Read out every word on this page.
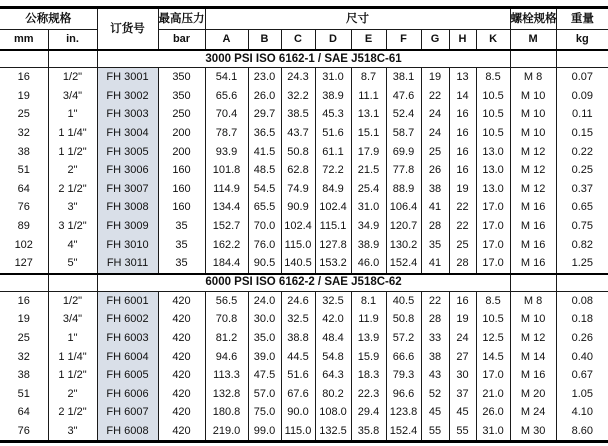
公称规格		订货号	最高压力	尺寸									螺栓规格	重量
mm	in.		bar	A	B	C	D	E	F	G	H	K	M	kg
		3000 PSI ISO 6162-1 / SAE J518C-61												
16	1/2"	FH 3001	350	54.1	23.0	24.3	31.0	8.7	38.1	19	13	8.5	M 8	0.07
19	3/4"	FH 3002	350	65.6	26.0	32.2	38.9	11.1	47.6	22	14	10.5	M 10	0.09
25	1"	FH 3003	250	70.4	29.7	38.5	45.3	13.1	52.4	24	16	10.5	M 10	0.11
32	1 1/4"	FH 3004	200	78.7	36.5	43.7	51.6	15.1	58.7	24	16	10.5	M 10	0.15
38	1 1/2"	FH 3005	200	93.9	41.5	50.8	61.1	17.9	69.9	25	16	13.0	M 12	0.22
51	2"	FH 3006	160	101.8	48.5	62.8	72.2	21.5	77.8	26	16	13.0	M 12	0.25
64	2 1/2"	FH 3007	160	114.9	54.5	74.9	84.9	25.4	88.9	38	19	13.0	M 12	0.37
76	3"	FH 3008	160	134.4	65.5	90.9	102.4	31.0	106.4	41	22	17.0	M 16	0.65
89	3 1/2"	FH 3009	35	152.7	70.0	102.4	115.1	34.9	120.7	28	22	17.0	M 16	0.75
102	4"	FH 3010	35	162.2	76.0	115.0	127.8	38.9	130.2	35	25	17.0	M 16	0.82
127	5"	FH 3011	35	184.4	90.5	140.5	153.2	46.0	152.4	41	28	17.0	M 16	1.25
		6000 PSI ISO 6162-2 / SAE J518C-62												
16	1/2"	FH 6001	420	56.5	24.0	24.6	32.5	8.1	40.5	22	16	8.5	M 8	0.08
19	3/4"	FH 6002	420	70.8	30.0	32.5	42.0	11.9	50.8	28	19	10.5	M 10	0.18
25	1"	FH 6003	420	81.2	35.0	38.8	48.4	13.9	57.2	33	24	12.5	M 12	0.26
32	1 1/4"	FH 6004	420	94.6	39.0	44.5	54.8	15.9	66.6	38	27	14.5	M 14	0.40
38	1 1/2"	FH 6005	420	113.3	47.5	51.6	64.3	18.3	79.3	43	30	17.0	M 16	0.67
51	2"	FH 6006	420	132.8	57.0	67.6	80.2	22.3	96.6	52	37	21.0	M 20	1.05
64	2 1/2"	FH 6007	420	180.8	75.0	90.0	108.0	29.4	123.8	45	45	26.0	M 24	4.10
76	3"	FH 6008	420	219.0	99.0	115.0	132.5	35.8	152.4	55	55	31.0	M 30	8.60
